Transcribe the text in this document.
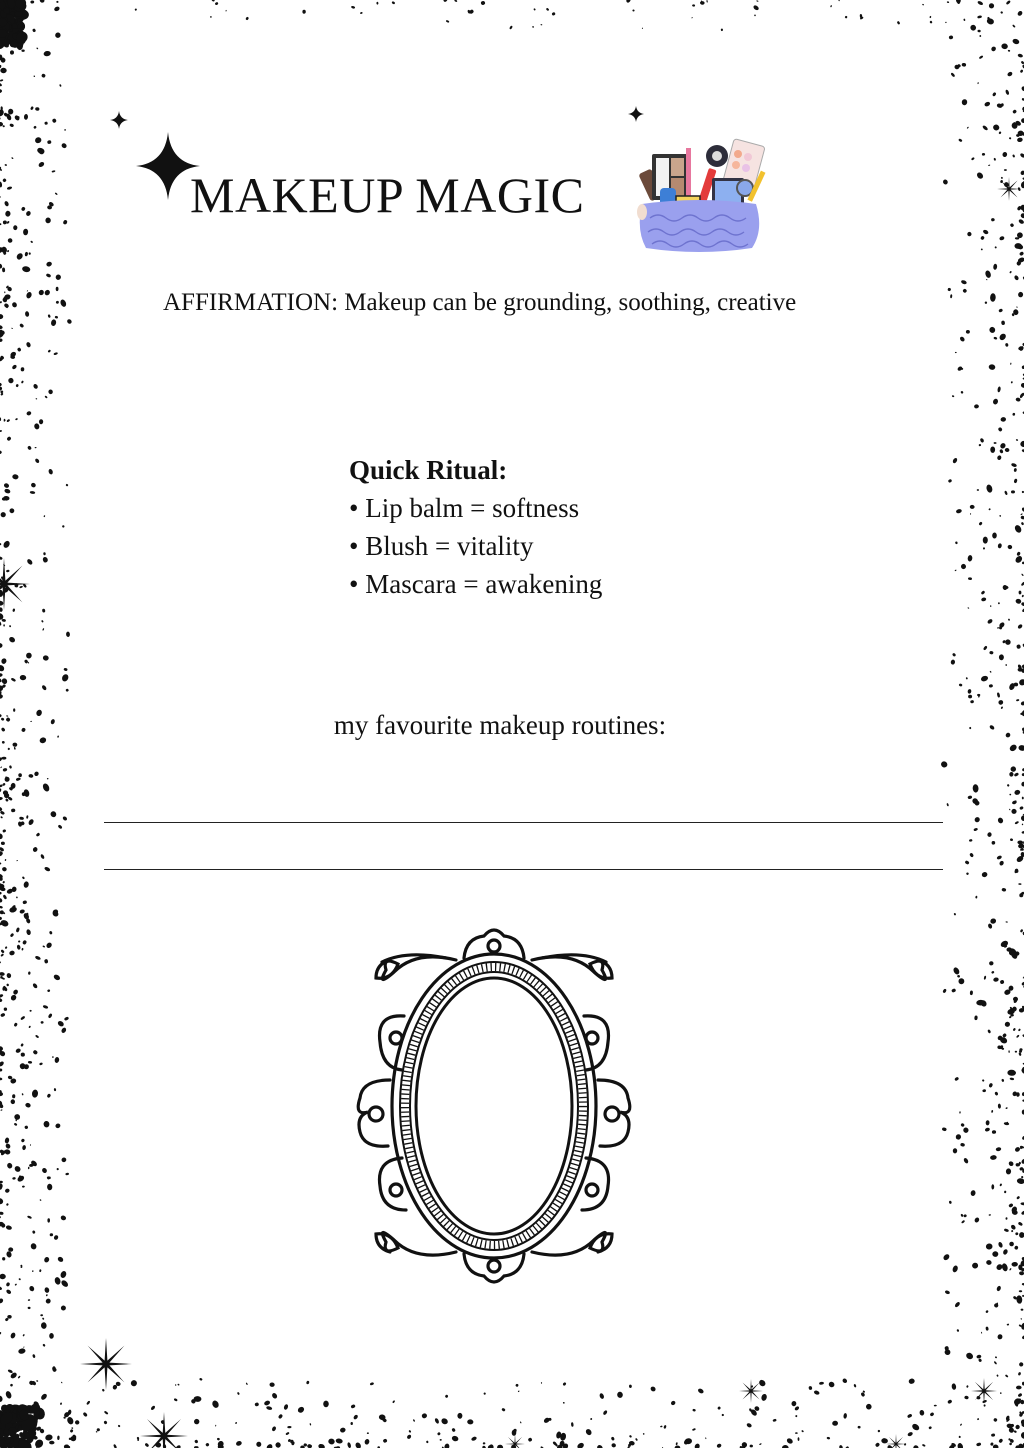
MAKEUP MAGIC
AFFIRMATION: Makeup can be grounding, soothing, creative
Quick Ritual:
• Lip balm = softness
• Blush = vitality
• Mascara = awakening
my favourite makeup routines:
